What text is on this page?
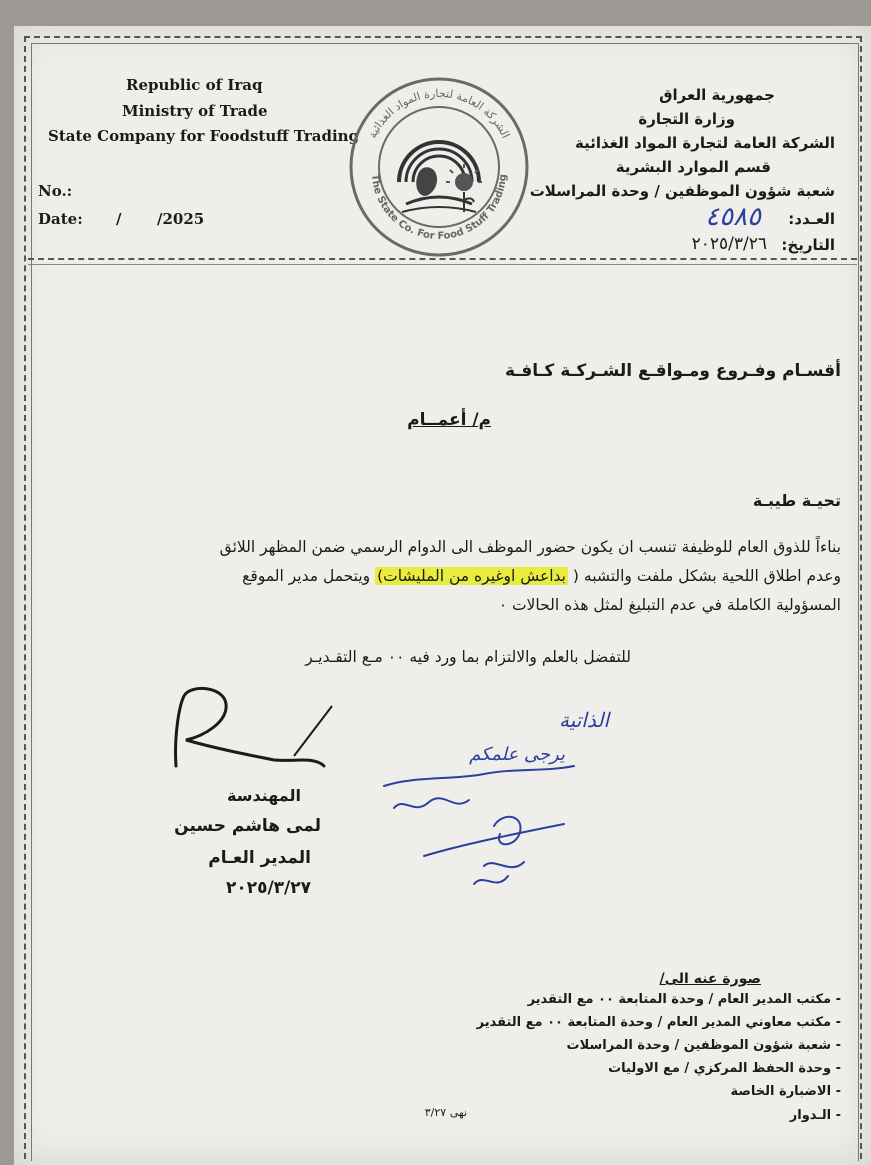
Republic of Iraq
Ministry of Trade
State Company for Foodstuff Trading
No.:
Date: / /2025
الشركة العامة لتجارة المواد الغذائية
The State Co. For Food Stuff Trading
جمهورية العراق
وزارة التجارة
الشركة العامة لتجارة المواد الغذائية
قسم الموارد البشرية
شعبة شؤون الموظفين / وحدة المراسلات
العـدد:
٤٥٨٥
التاريخ:
٢٠٢٥/٣/٢٦
أقسـام وفـروع ومـواقـع الشـركـة كـافـة
م/ أعمــام
تحيـة طيبـة
بناءاً للذوق العام للوظيفة تنسب ان يكون حضور الموظف الى الدوام الرسمي ضمن المظهر اللائق
وعدم اطلاق اللحية بشكل ملفت والتشبه ( بداعش اوغيره من المليشات) ويتحمل مدير الموقع
المسؤولية الكاملة في عدم التبليغ لمثل هذه الحالات ٠
للتفضل بالعلم والالتزام بما ورد فيه ٠٠ مـع التقـديـر
المهندسة
لمى هاشم حسين
المدير العـام
٢٠٢٥/٣/٢٧
الذاتية
يرجى علمكم
صورة عنه الى/
- مكتب المدير العام / وحدة المتابعة ٠٠ مع التقدير
- مكتب معاوني المدير العام / وحدة المتابعة ٠٠ مع التقدير
- شعبة شؤون الموظفين / وحدة المراسلات
- وحدة الحفظ المركزي / مع الاوليات
- الاضبارة الخاصة
- الـدوار
نهى ٣/٢٧
